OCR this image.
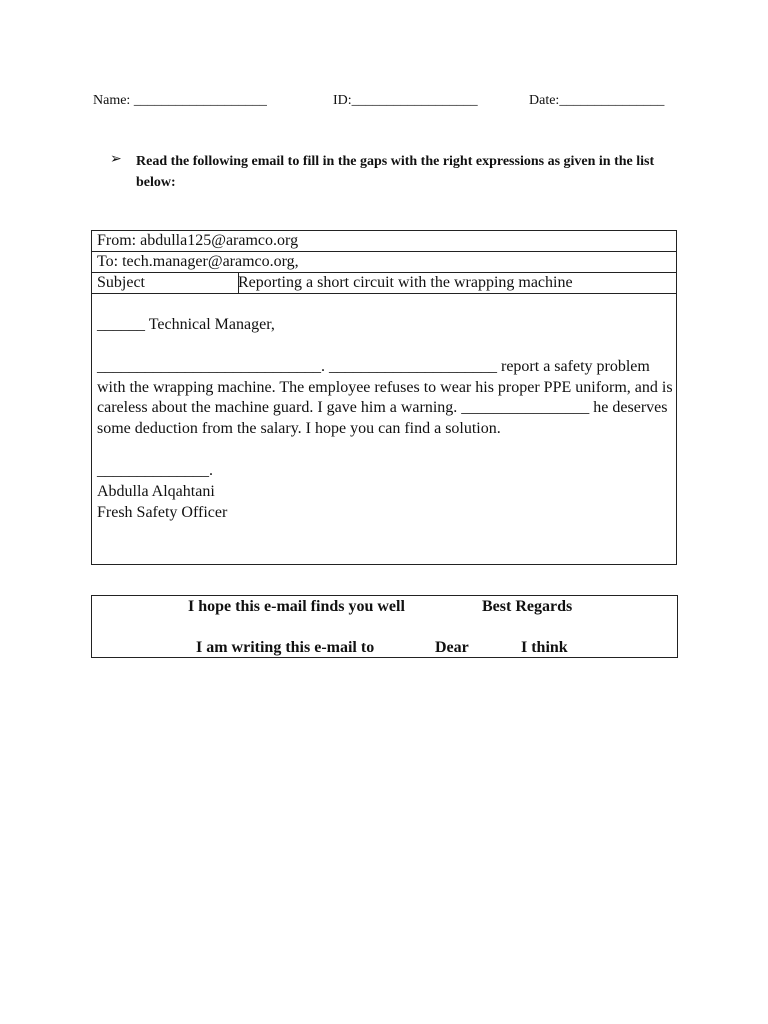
Name: ___________________	ID:__________________	Date:_______________
➢ Read the following email to fill in the gaps with the right expressions as given in the list below:
From: abdulla125@aramco.org
To: tech.manager@aramco.org,
Subject	Reporting a short circuit with the wrapping machine

______ Technical Manager,

____________________________. _____________________ report a safety problem with the wrapping machine. The employee refuses to wear his proper PPE uniform, and is careless about the machine guard. I gave him a warning. ________________ he deserves some deduction from the salary. I hope you can find a solution.

______________.

Abdulla Alqahtani

Fresh Safety Officer

I hope this e-mail finds you well	Best Regards
I am writing this e-mail to	Dear	I think
